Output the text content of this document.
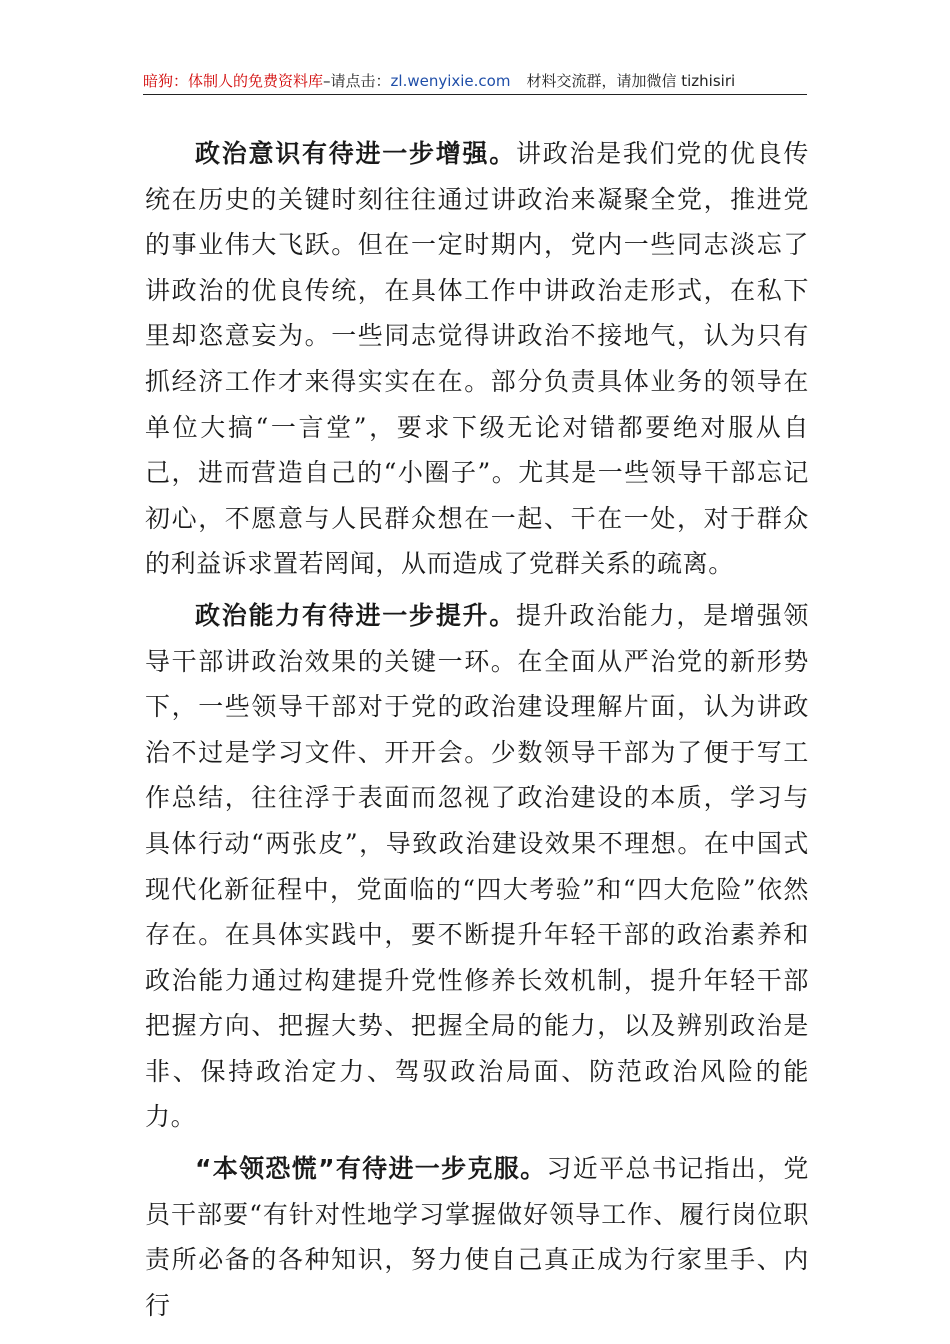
暗狗：体制人的免费资料库–请点击：zl.wenyixie.com 材料交流群，请加微信 tizhisiri

政治意识有待进一步增强。讲政治是我们党的优良传统在历史的关键时刻往往通过讲政治来凝聚全党，推进党的事业伟大飞跃。但在一定时期内，党内一些同志淡忘了讲政治的优良传统，在具体工作中讲政治走形式，在私下里却恣意妄为。一些同志觉得讲政治不接地气，认为只有抓经济工作才来得实实在在。部分负责具体业务的领导在单位大搞“一言堂”，要求下级无论对错都要绝对服从自己，进而营造自己的“小圈子”。尤其是一些领导干部忘记初心，不愿意与人民群众想在一起、干在一处，对于群众的利益诉求置若罔闻，从而造成了党群关系的疏离。

政治能力有待进一步提升。提升政治能力，是增强领导干部讲政治效果的关键一环。在全面从严治党的新形势下，一些领导干部对于党的政治建设理解片面，认为讲政治不过是学习文件、开开会。少数领导干部为了便于写工作总结，往往浮于表面而忽视了政治建设的本质，学习与具体行动“两张皮”，导致政治建设效果不理想。在中国式现代化新征程中，党面临的“四大考验”和“四大危险”依然存在。在具体实践中，要不断提升年轻干部的政治素养和政治能力通过构建提升党性修养长效机制，提升年轻干部把握方向、把握大势、把握全局的能力，以及辨别政治是非、保持政治定力、驾驭政治局面、防范政治风险的能力。

“本领恐慌”有待进一步克服。习近平总书记指出，党员干部要“有针对性地学习掌握做好领导工作、履行岗位职责所必备的各种知识，努力使自己真正成为行家里手、内行
